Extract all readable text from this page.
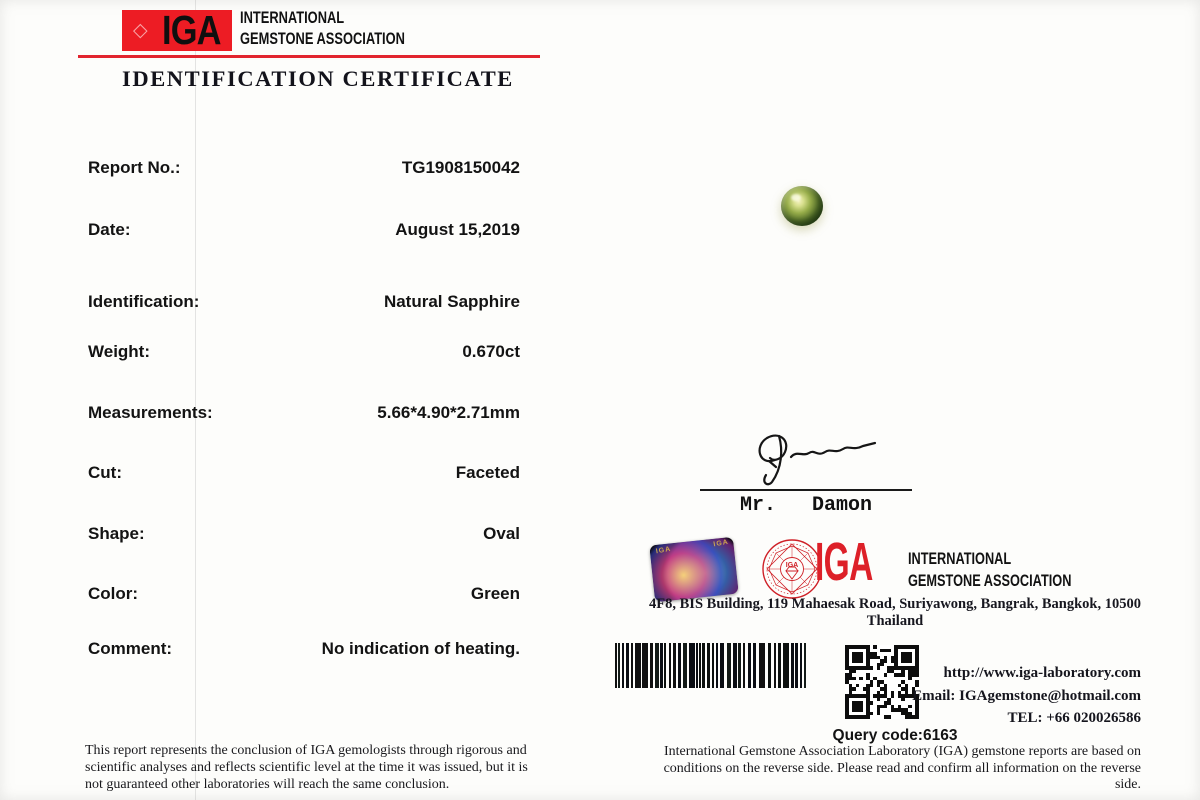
◇ IGA INTERNATIONAL
GEMSTONE ASSOCIATION
IDENTIFICATION CERTIFICATE
Report No.:	TG1908150042
Date:	August 15,2019
Identification:	Natural Sapphire
Weight:	0.670ct
Measurements:	5.66*4.90*2.71mm
Cut:	Faceted
Shape:	Oval
Color:	Green
Comment:	No indication of heating.
Mr.   Damon
IGA
IGA
IGA IGA INTERNATIONAL
GEMSTONE ASSOCIATION
4F8, BIS Building, 119 Mahaesak Road, Suriyawong, Bangrak, Bangkok, 10500 Thailand
http://www.iga-laboratory.com
Email: IGAgemstone@hotmail.com
TEL: +66 020026586
Query code:6163

This report represents the conclusion of IGA gemologists through rigorous and scientific analyses and reflects scientific level at the time it was issued, but it is not guaranteed other laboratories will reach the same conclusion.

International Gemstone Association Laboratory (IGA) gemstone reports are based on conditions on the reverse side. Please read and confirm all information on the reverse side.
